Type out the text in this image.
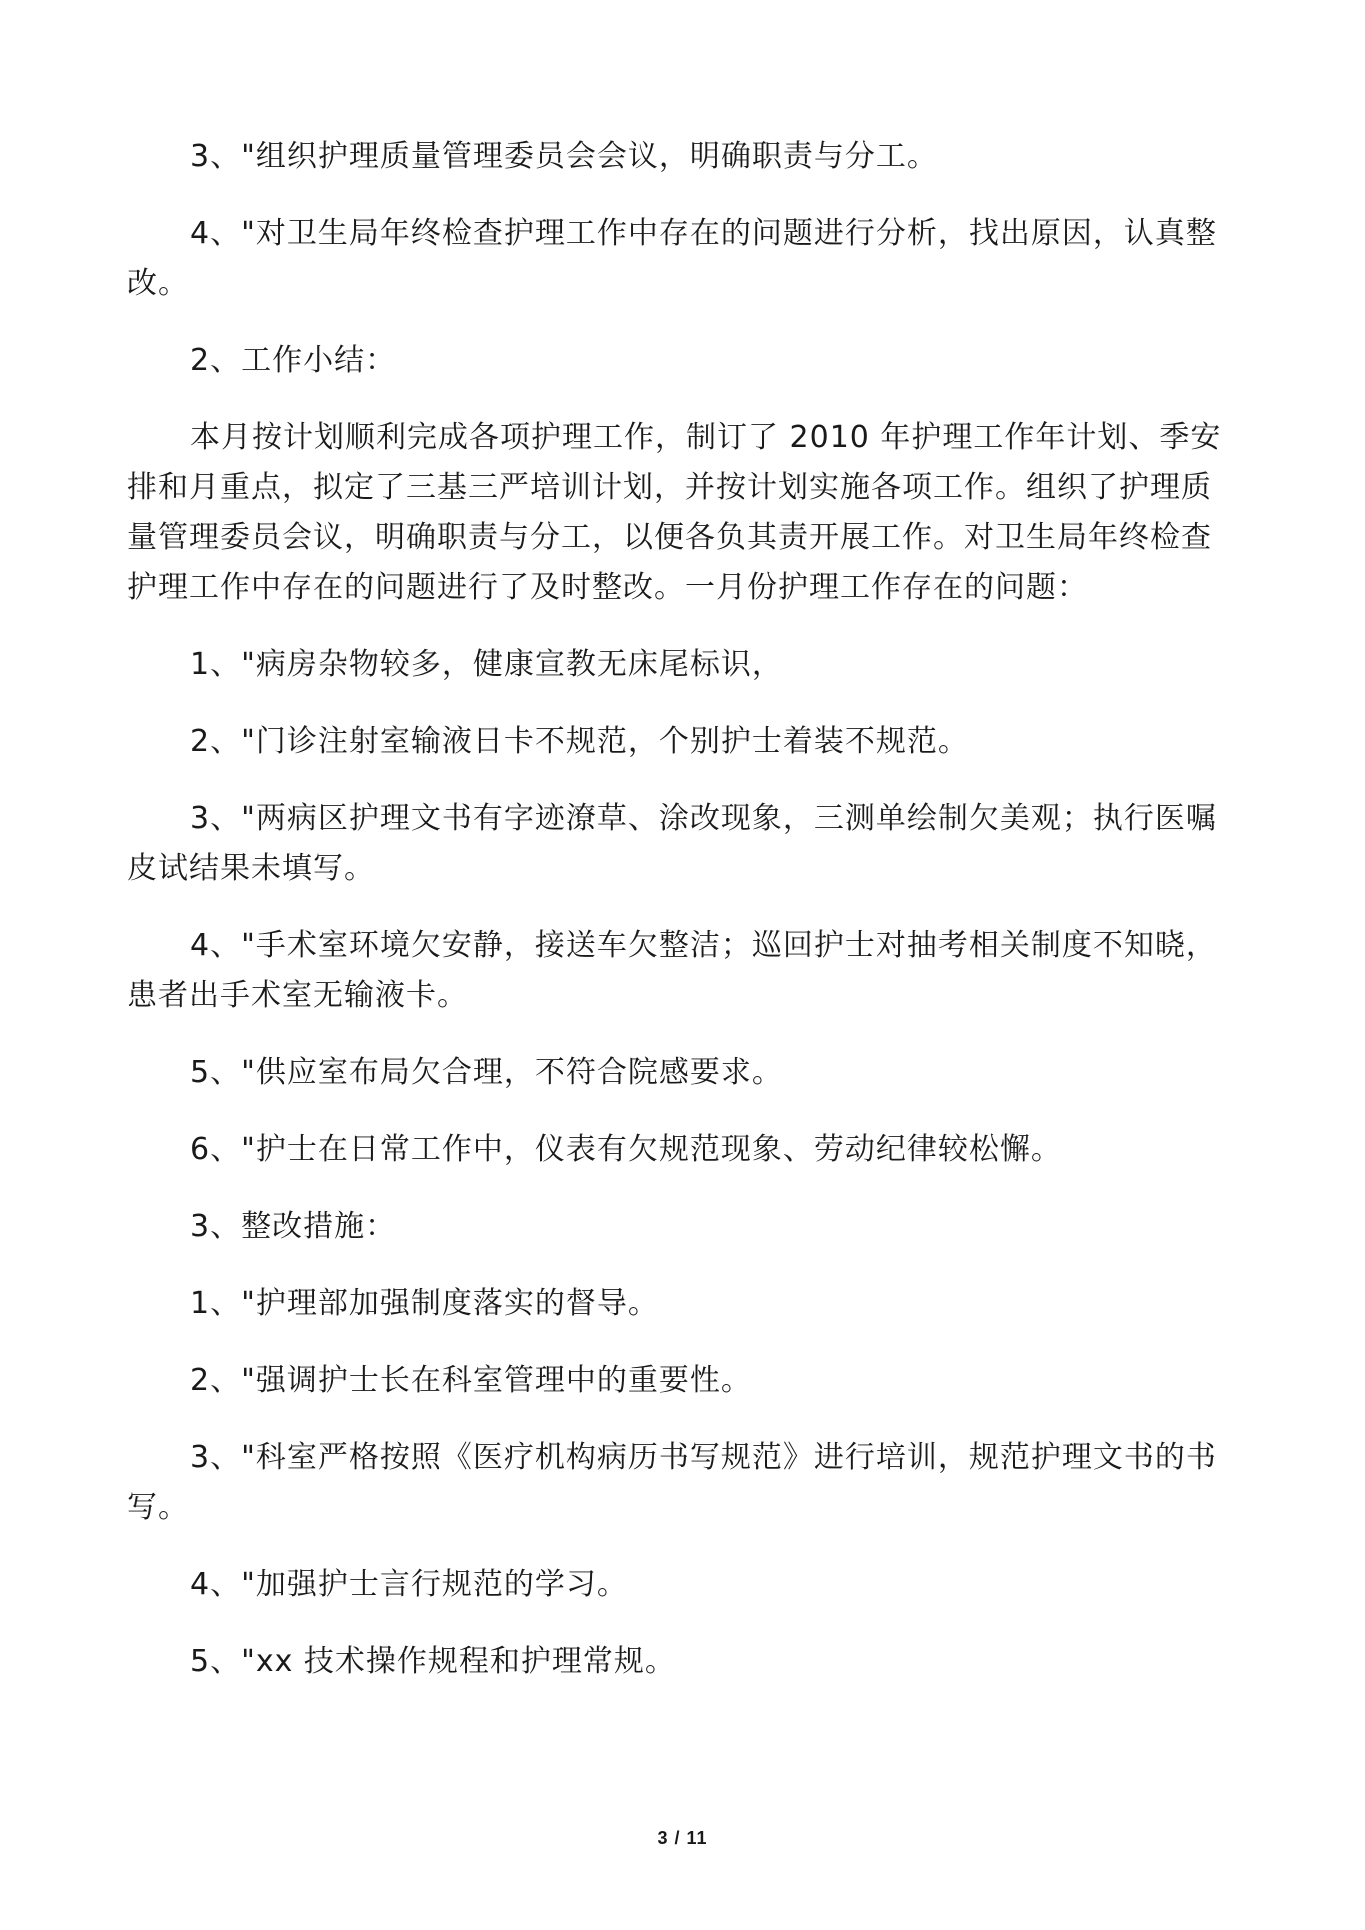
3、"组织护理质量管理委员会会议，明确职责与分工。

4、"对卫生局年终检查护理工作中存在的问题进行分析，找出原因，认真整改。

2、工作小结：

本月按计划顺利完成各项护理工作，制订了 2010 年护理工作年计划、季安排和月重点，拟定了三基三严培训计划，并按计划实施各项工作。组织了护理质量管理委员会议，明确职责与分工，以便各负其责开展工作。对卫生局年终检查护理工作中存在的问题进行了及时整改。一月份护理工作存在的问题：

1、"病房杂物较多，健康宣教无床尾标识，

2、"门诊注射室输液日卡不规范，个别护士着装不规范。

3、"两病区护理文书有字迹潦草、涂改现象，三测单绘制欠美观；执行医嘱皮试结果未填写。

4、"手术室环境欠安静，接送车欠整洁；巡回护士对抽考相关制度不知晓，患者出手术室无输液卡。

5、"供应室布局欠合理，不符合院感要求。

6、"护士在日常工作中，仪表有欠规范现象、劳动纪律较松懈。

3、整改措施：

1、"护理部加强制度落实的督导。

2、"强调护士长在科室管理中的重要性。

3、"科室严格按照《医疗机构病历书写规范》进行培训，规范护理文书的书写。

4、"加强护士言行规范的学习。

5、"xx 技术操作规程和护理常规。

3 / 11
